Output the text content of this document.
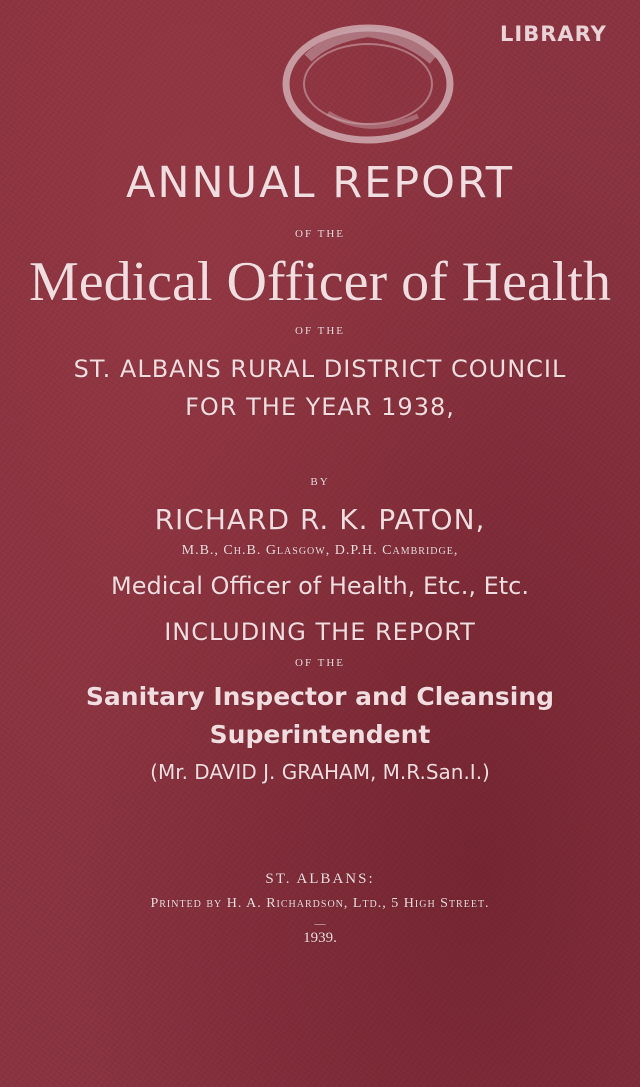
LIBRARY
ANNUAL REPORT
OF THE
Medical Officer of Health
OF THE
ST. ALBANS RURAL DISTRICT COUNCIL
FOR THE YEAR 1938,
BY
RICHARD R. K. PATON,
M.B., Ch.B. Glasgow, D.P.H. Cambridge,
Medical Officer of Health, Etc., Etc.
INCLUDING THE REPORT
OF THE
Sanitary Inspector and Cleansing
Superintendent
(Mr. DAVID J. GRAHAM, M.R.San.I.)
ST. ALBANS:
Printed by H. A. Richardson, Ltd., 5 High Street.
—
1939.
